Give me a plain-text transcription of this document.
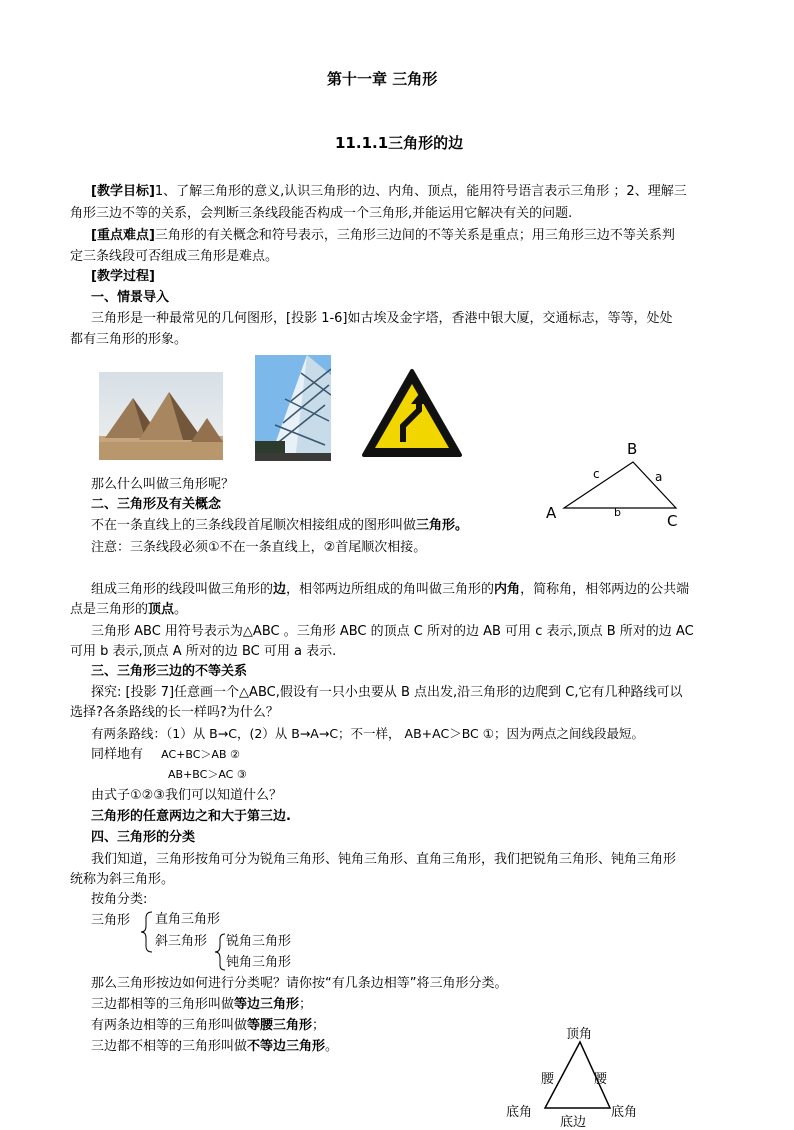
第十一章 三角形
11.1.1三角形的边
[教学目标]1、了解三角形的意义,认识三角形的边、内角、顶点，能用符号语言表示三角形 ；2、理解三
角形三边不等的关系，会判断三条线段能否构成一个三角形,并能运用它解决有关的问题.
[重点难点]三角形的有关概念和符号表示，三角形三边间的不等关系是重点；用三角形三边不等关系判
定三条线段可否组成三角形是难点。
[教学过程]
一、情景导入
三角形是一种最常见的几何图形，[投影 1-6]如古埃及金字塔，香港中银大厦，交通标志，等等，处处
都有三角形的形象。
B
A	C
c	a
b
那么什么叫做三角形呢？
二、三角形及有关概念
不在一条直线上的三条线段首尾顺次相接组成的图形叫做三角形。
注意：三条线段必须①不在一条直线上，②首尾顺次相接。
组成三角形的线段叫做三角形的边，相邻两边所组成的角叫做三角形的内角，简称角，相邻两边的公共端
点是三角形的顶点。
三角形 ABC 用符号表示为△ABC 。三角形 ABC 的顶点 C 所对的边 AB 可用 c 表示,顶点 B 所对的边 AC
可用 b 表示,顶点 A 所对的边 BC 可用 a 表示.
三、三角形三边的不等关系
探究: [投影 7]任意画一个△ABC,假设有一只小虫要从 B 点出发,沿三角形的边爬到 C,它有几种路线可以
选择?各条路线的长一样吗?为什么？
有两条路线：（1）从 B→C，(2）从 B→A→C；不一样， AB+AC＞BC ①；因为两点之间线段最短。
同样地有 AC+BC＞AB ②
AB+BC＞AC ③
由式子①②③我们可以知道什么？
三角形的任意两边之和大于第三边.
四、三角形的分类
我们知道，三角形按角可分为锐角三角形、钝角三角形、直角三角形，我们把锐角三角形、钝角三角形
统称为斜三角形。
按角分类:
三角形 直角三角形
斜三角形 锐角三角形
钝角三角形
那么三角形按边如何进行分类呢？请你按“有几条边相等”将三角形分类。
三边都相等的三角形叫做等边三角形；
有两条边相等的三角形叫做等腰三角形；
三边都不相等的三角形叫做不等边三角形。
顶角
腰	腰
底角	底角
底边
